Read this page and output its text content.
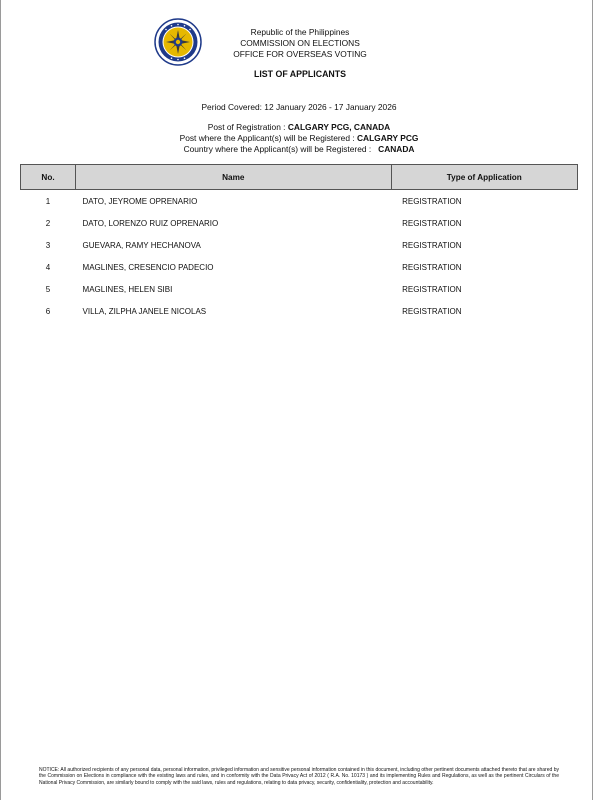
Republic of the Philippines
COMMISSION ON ELECTIONS
OFFICE FOR OVERSEAS VOTING
LIST OF APPLICANTS
Period Covered: 12 January 2026 - 17 January 2026
Post of Registration : CALGARY PCG, CANADA
Post where the Applicant(s) will be Registered : CALGARY PCG
Country where the Applicant(s) will be Registered :   CANADA
No.	Name	Type of Application
1	DATO, JEYROME OPRENARIO	REGISTRATION
2	DATO, LORENZO RUIZ OPRENARIO	REGISTRATION
3	GUEVARA, RAMY HECHANOVA	REGISTRATION
4	MAGLINES, CRESENCIO PADECIO	REGISTRATION
5	MAGLINES, HELEN SIBI	REGISTRATION
6	VILLA, ZILPHA JANELE NICOLAS	REGISTRATION
NOTICE: All authorized recipients of any personal data, personal information, privileged information and sensitive personal information contained in this document, including other pertinent documents attached thereto that are shared by the Commission on Elections in compliance with the existing laws and rules, and in conformity with the Data Privacy Act of 2012 ( R.A. No. 10173 ) and its implementing Rules and Regulations, as well as the pertinent Circulars of the National Privacy Commission, are similarly bound to comply with the said laws, rules and regulations, relating to data privacy, security, confidentiality, protection and accountability.
